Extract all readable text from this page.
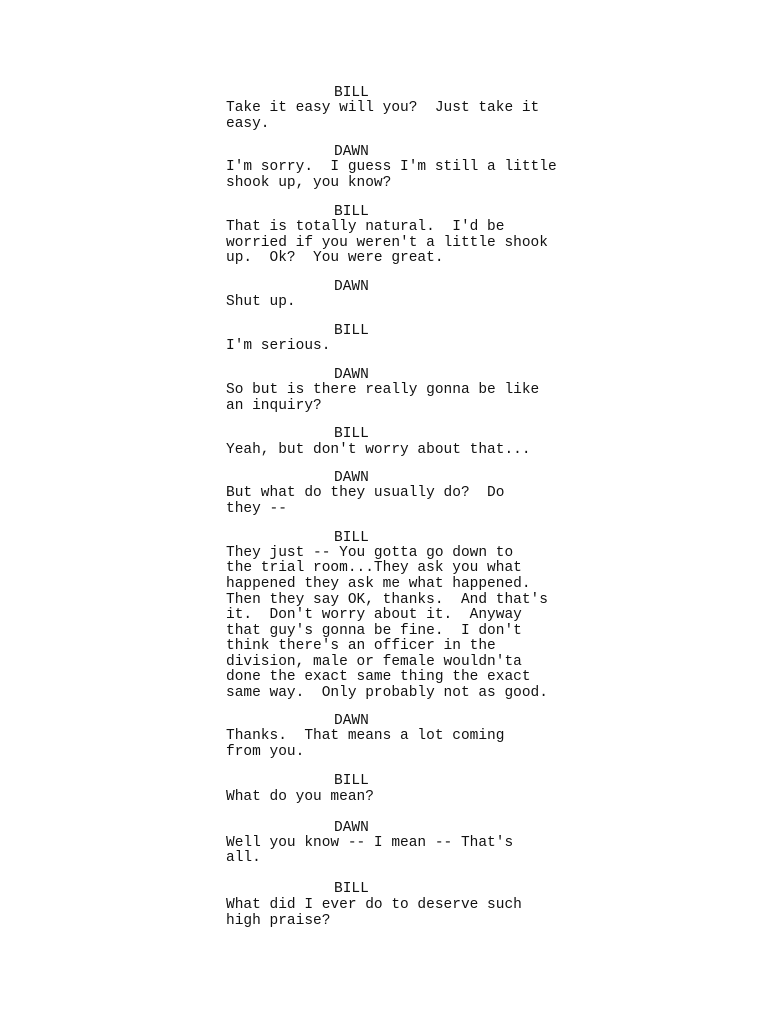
BILL
Take it easy will you?  Just take it
easy.
DAWN
I'm sorry.  I guess I'm still a little
shook up, you know?
BILL
That is totally natural.  I'd be
worried if you weren't a little shook
up.  Ok?  You were great.
DAWN
Shut up.
BILL
I'm serious.
DAWN
So but is there really gonna be like
an inquiry?
BILL
Yeah, but don't worry about that...
DAWN
But what do they usually do?  Do
they --
BILL
They just -- You gotta go down to
the trial room...They ask you what
happened they ask me what happened.
Then they say OK, thanks.  And that's
it.  Don't worry about it.  Anyway
that guy's gonna be fine.  I don't
think there's an officer in the
division, male or female wouldn'ta
done the exact same thing the exact
same way.  Only probably not as good.
DAWN
Thanks.  That means a lot coming
from you.
BILL
What do you mean?
DAWN
Well you know -- I mean -- That's
all.
BILL
What did I ever do to deserve such
high praise?
